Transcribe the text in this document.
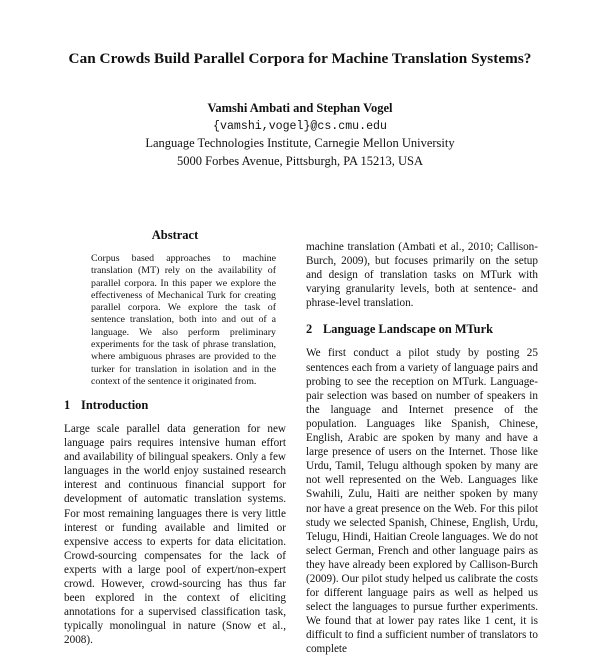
Can Crowds Build Parallel Corpora for Machine Translation Systems?
Vamshi Ambati and Stephan Vogel
{vamshi,vogel}@cs.cmu.edu
Language Technologies Institute, Carnegie Mellon University
5000 Forbes Avenue, Pittsburgh, PA 15213, USA
Abstract

Corpus based approaches to machine translation (MT) rely on the availability of parallel corpora. In this paper we explore the effectiveness of Mechanical Turk for creating parallel corpora. We explore the task of sentence translation, both into and out of a language. We also perform preliminary experiments for the task of phrase translation, where ambiguous phrases are provided to the turker for translation in isolation and in the context of the sentence it originated from.

1 Introduction

Large scale parallel data generation for new language pairs requires intensive human effort and availability of bilingual speakers. Only a few languages in the world enjoy sustained research interest and continuous financial support for development of automatic translation systems. For most remaining languages there is very little interest or funding available and limited or expensive access to experts for data elicitation. Crowd-sourcing compensates for the lack of experts with a large pool of expert/non-expert crowd. However, crowd-sourcing has thus far been explored in the context of eliciting annotations for a supervised classification task, typically monolingual in nature (Snow et al., 2008).

machine translation (Ambati et al., 2010; Callison-Burch, 2009), but focuses primarily on the setup and design of translation tasks on MTurk with varying granularity levels, both at sentence- and phrase-level translation.

2 Language Landscape on MTurk

We first conduct a pilot study by posting 25 sentences each from a variety of language pairs and probing to see the reception on MTurk. Language-pair selection was based on number of speakers in the language and Internet presence of the population. Languages like Spanish, Chinese, English, Arabic are spoken by many and have a large presence of users on the Internet. Those like Urdu, Tamil, Telugu although spoken by many are not well represented on the Web. Languages like Swahili, Zulu, Haiti are neither spoken by many nor have a great presence on the Web. For this pilot study we selected Spanish, Chinese, English, Urdu, Telugu, Hindi, Haitian Creole languages. We do not select German, French and other language pairs as they have already been explored by Callison-Burch (2009). Our pilot study helped us calibrate the costs for different language pairs as well as helped us select the languages to pursue further experiments. We found that at lower pay rates like 1 cent, it is difficult to find a sufficient number of translators to complete
